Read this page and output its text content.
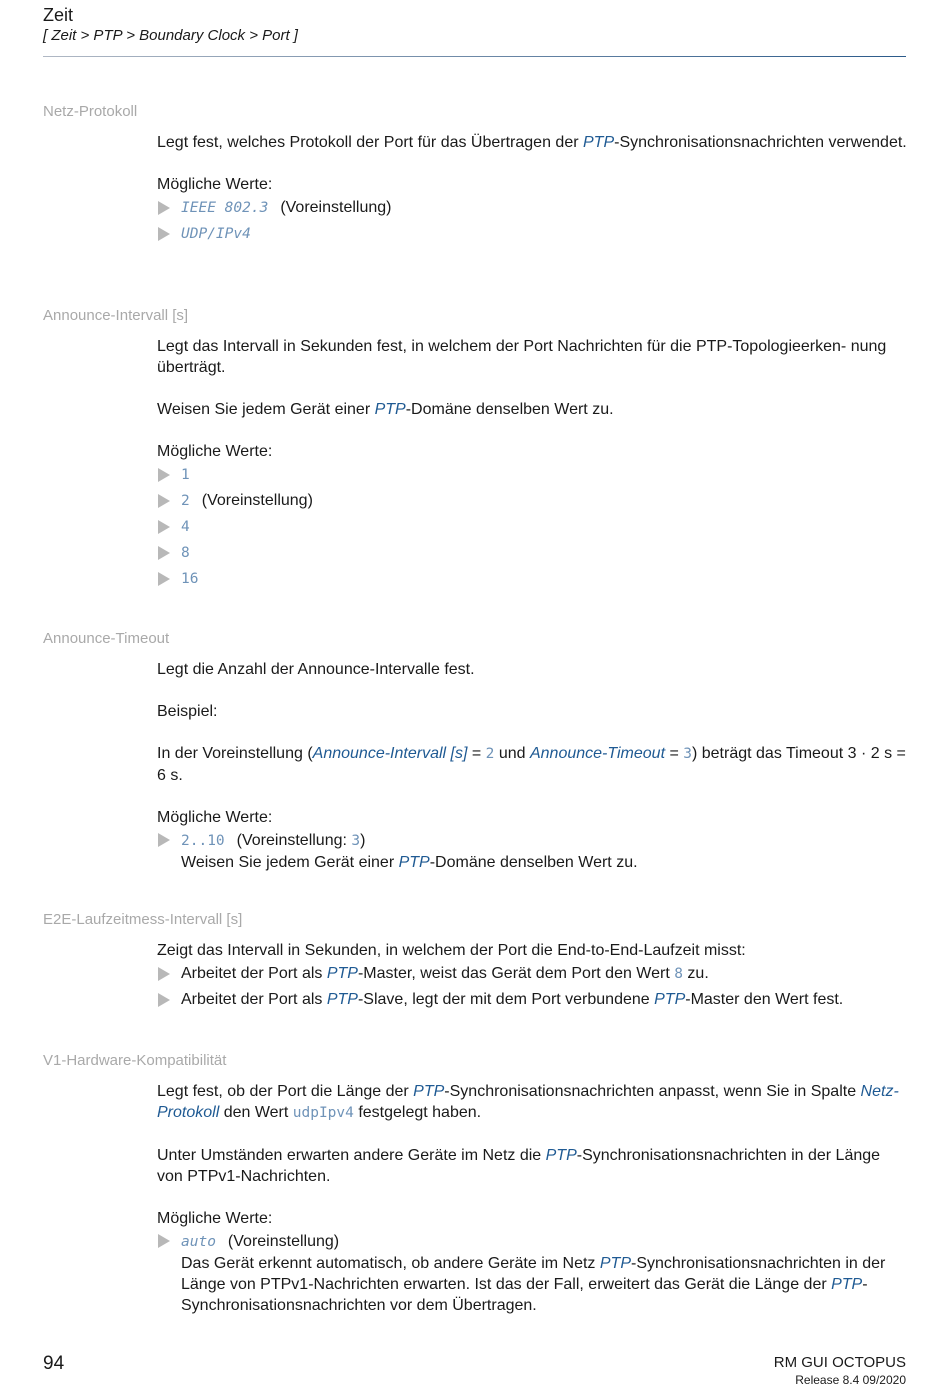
Zeit
[ Zeit > PTP > Boundary Clock > Port ]
Netz-Protokoll

Legt fest, welches Protokoll der Port für das Übertragen der PTP-Synchronisationsnachrichten verwendet.

Mögliche Werte:

IEEE 802.3 (Voreinstellung)
UDP/IPv4
Announce-Intervall [s]

Legt das Intervall in Sekunden fest, in welchem der Port Nachrichten für die PTP-Topologieerken- nung überträgt.

Weisen Sie jedem Gerät einer PTP-Domäne denselben Wert zu.

Mögliche Werte:

1
2 (Voreinstellung)
4
8
16
Announce-Timeout

Legt die Anzahl der Announce-Intervalle fest.

Beispiel:

In der Voreinstellung (Announce-Intervall [s] = 2 und Announce-Timeout = 3) beträgt das Timeout 3 · 2 s = 6 s.

Mögliche Werte:

2..10 (Voreinstellung: 3)
Weisen Sie jedem Gerät einer PTP-Domäne denselben Wert zu.
E2E-Laufzeitmess-Intervall [s]

Zeigt das Intervall in Sekunden, in welchem der Port die End-to-End-Laufzeit misst:

Arbeitet der Port als PTP-Master, weist das Gerät dem Port den Wert 8 zu.
Arbeitet der Port als PTP-Slave, legt der mit dem Port verbundene PTP-Master den Wert fest.
V1-Hardware-Kompatibilität

Legt fest, ob der Port die Länge der PTP-Synchronisationsnachrichten anpasst, wenn Sie in Spalte Netz-Protokoll den Wert udpIpv4 festgelegt haben.

Unter Umständen erwarten andere Geräte im Netz die PTP-Synchronisationsnachrichten in der Länge von PTPv1-Nachrichten.

Mögliche Werte:

auto (Voreinstellung)
Das Gerät erkennt automatisch, ob andere Geräte im Netz PTP-Synchronisationsnachrichten in der Länge von PTPv1-Nachrichten erwarten. Ist das der Fall, erweitert das Gerät die Länge der PTP-Synchronisationsnachrichten vor dem Übertragen.
94	RM GUI OCTOPUS
Release 8.4 09/2020
